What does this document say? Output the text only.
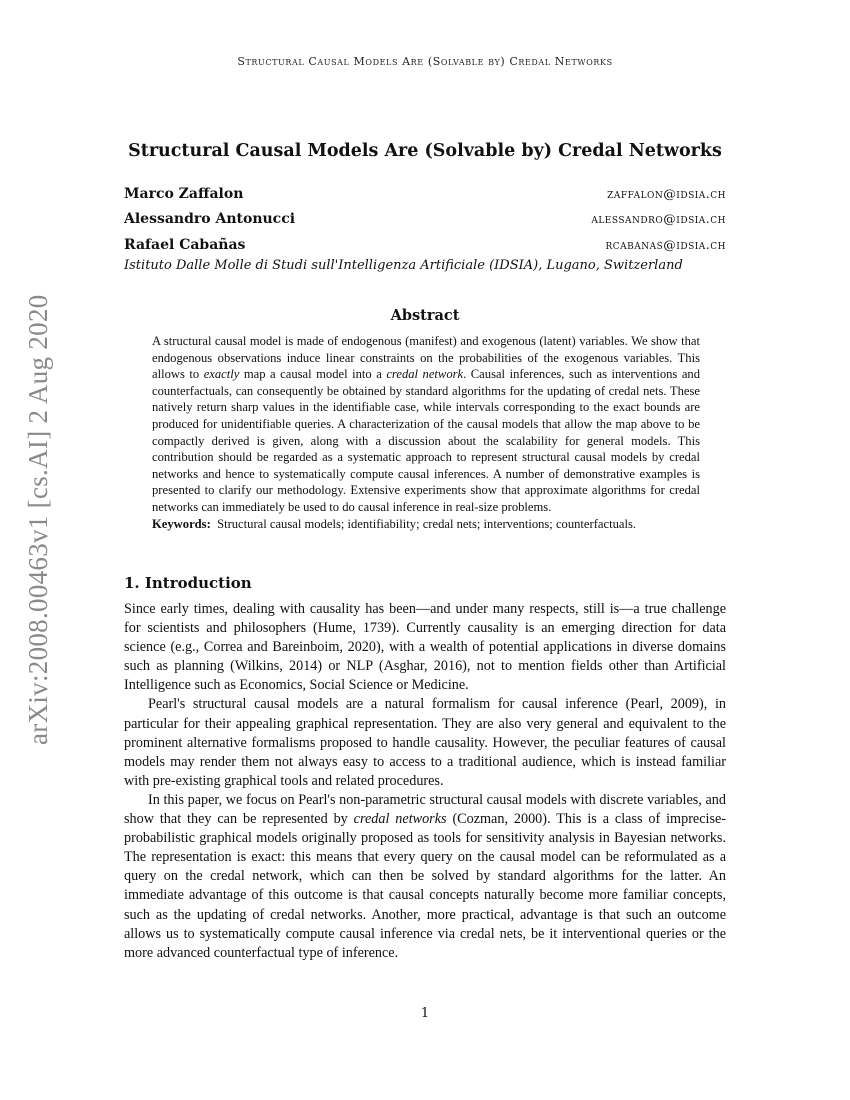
Structural Causal Models Are (Solvable by) Credal Networks
arXiv:2008.00463v1 [cs.AI] 2 Aug 2020
Structural Causal Models Are (Solvable by) Credal Networks
Marco Zaffalon	zaffalon@idsia.ch
Alessandro Antonucci	alessandro@idsia.ch
Rafael Cabañas	rcabanas@idsia.ch
Istituto Dalle Molle di Studi sull'Intelligenza Artificiale (IDSIA), Lugano, Switzerland
Abstract

A structural causal model is made of endogenous (manifest) and exogenous (latent) variables. We show that endogenous observations induce linear constraints on the probabilities of the exogenous variables. This allows to exactly map a causal model into a credal network. Causal inferences, such as interventions and counterfactuals, can consequently be obtained by standard algorithms for the updating of credal nets. These natively return sharp values in the identifiable case, while intervals corresponding to the exact bounds are produced for unidentifiable queries. A characterization of the causal models that allow the map above to be compactly derived is given, along with a discussion about the scalability for general models. This contribution should be regarded as a systematic approach to represent structural causal models by credal networks and hence to systematically compute causal inferences. A number of demonstrative examples is presented to clarify our methodology. Extensive experiments show that approximate algorithms for credal networks can immediately be used to do causal inference in real-size problems.

Keywords: Structural causal models; identifiability; credal nets; interventions; counterfactuals.

1. Introduction

Since early times, dealing with causality has been—and under many respects, still is—a true challenge for scientists and philosophers (Hume, 1739). Currently causality is an emerging direction for data science (e.g., Correa and Bareinboim, 2020), with a wealth of potential applications in diverse domains such as planning (Wilkins, 2014) or NLP (Asghar, 2016), not to mention fields other than Artificial Intelligence such as Economics, Social Science or Medicine.

Pearl's structural causal models are a natural formalism for causal inference (Pearl, 2009), in particular for their appealing graphical representation. They are also very general and equivalent to the prominent alternative formalisms proposed to handle causality. However, the peculiar features of causal models may render them not always easy to access to a traditional audience, which is instead familiar with pre-existing graphical tools and related procedures.

In this paper, we focus on Pearl's non-parametric structural causal models with discrete variables, and show that they can be represented by credal networks (Cozman, 2000). This is a class of imprecise-probabilistic graphical models originally proposed as tools for sensitivity analysis in Bayesian networks. The representation is exact: this means that every query on the causal model can be reformulated as a query on the credal network, which can then be solved by standard algorithms for the latter. An immediate advantage of this outcome is that causal concepts naturally become more familiar concepts, such as the updating of credal networks. Another, more practical, advantage is that such an outcome allows us to systematically compute causal inference via credal nets, be it interventional queries or the more advanced counterfactual type of inference.

1
